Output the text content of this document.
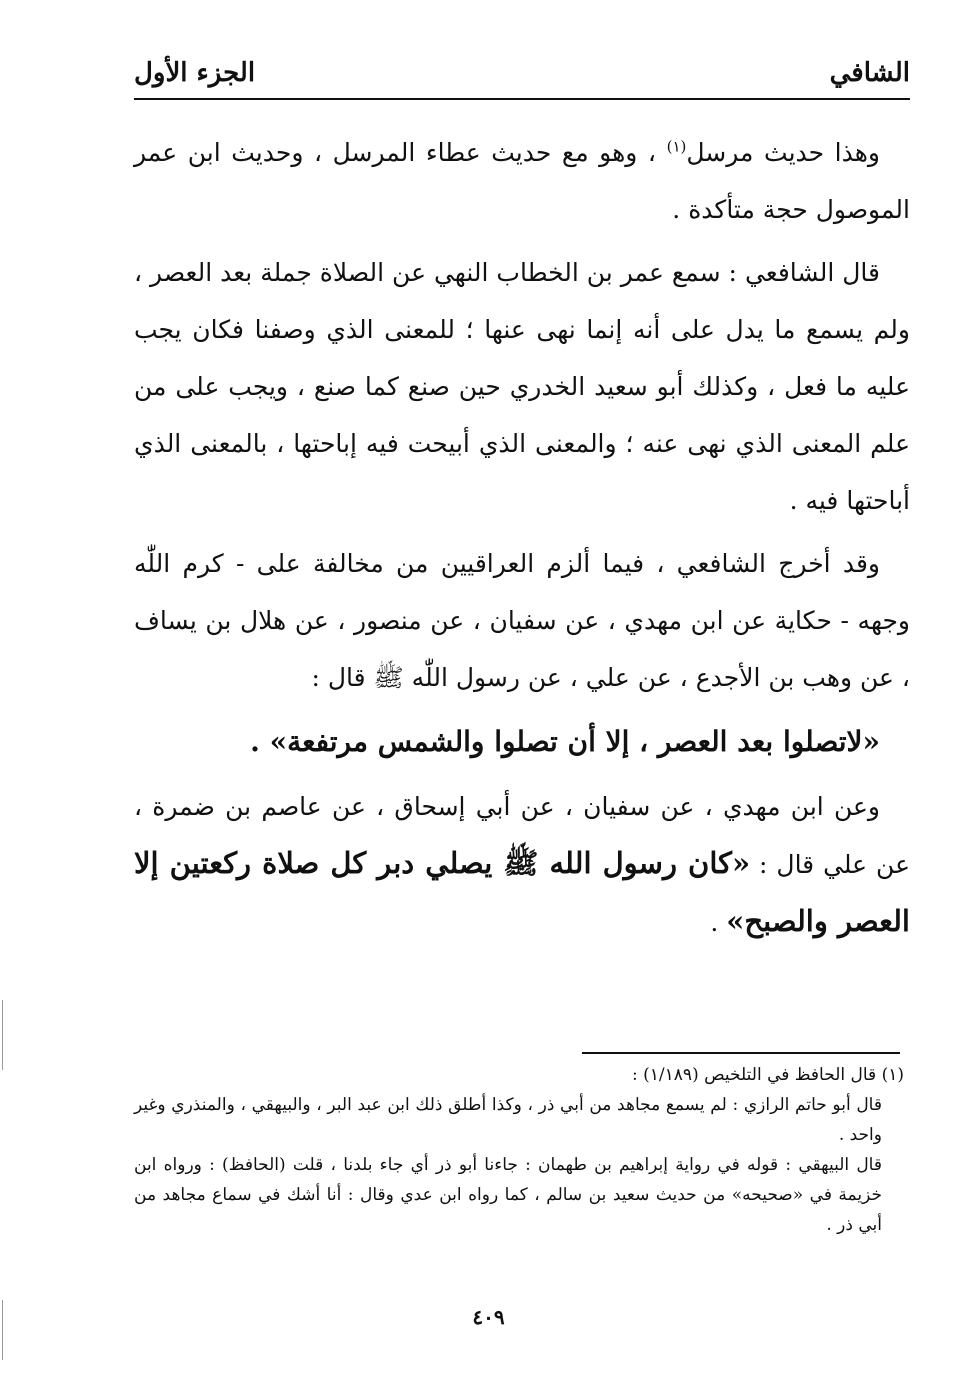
الشافي
الجزء الأول

وهذا حديث مرسل$^{(١)}$ ، وهو مع حديث عطاء المرسل ، وحديث ابن عمر الموصول حجة متأكدة .

قال الشافعي : سمع عمر بن الخطاب النهي عن الصلاة جملة بعد العصر ، ولم يسمع ما يدل على أنه إنما نهى عنها ؛ للمعنى الذي وصفنا فكان يجب عليه ما فعل ، وكذلك أبو سعيد الخدري حين صنع كما صنع ، ويجب على من علم المعنى الذي نهى عنه ؛ والمعنى الذي أبيحت فيه إباحتها ، بالمعنى الذي أباحتها فيه .

وقد أخرج الشافعي ، فيما ألزم العراقيين من مخالفة على - كرم اللّٰه وجهه - حكاية عن ابن مهدي ، عن سفيان ، عن منصور ، عن هلال بن يساف ، عن وهب بن الأجدع ، عن علي ، عن رسول اللّٰه ﷺ قال :

«لاتصلوا بعد العصر ، إلا أن تصلوا والشمس مرتفعة» .

وعن ابن مهدي ، عن سفيان ، عن أبي إسحاق ، عن عاصم بن ضمرة ، عن علي قال : «كان رسول الله ﷺ يصلي دبر كل صلاة ركعتين إلا العصر والصبح» .

(١) قال الحافظ في التلخيص (١/١٨٩) :

قال أبو حاتم الرازي : لم يسمع مجاهد من أبي ذر ، وكذا أطلق ذلك ابن عبد البر ، والبيهقي ، والمنذري وغير واحد .

قال البيهقي : قوله في رواية إبراهيم بن طهمان : جاءنا أبو ذر أي جاء بلدنا ، قلت (الحافظ) : ورواه ابن خزيمة في «صحيحه» من حديث سعيد بن سالم ، كما رواه ابن عدي وقال : أنا أشك في سماع مجاهد من أبي ذر .

٤٠٩
